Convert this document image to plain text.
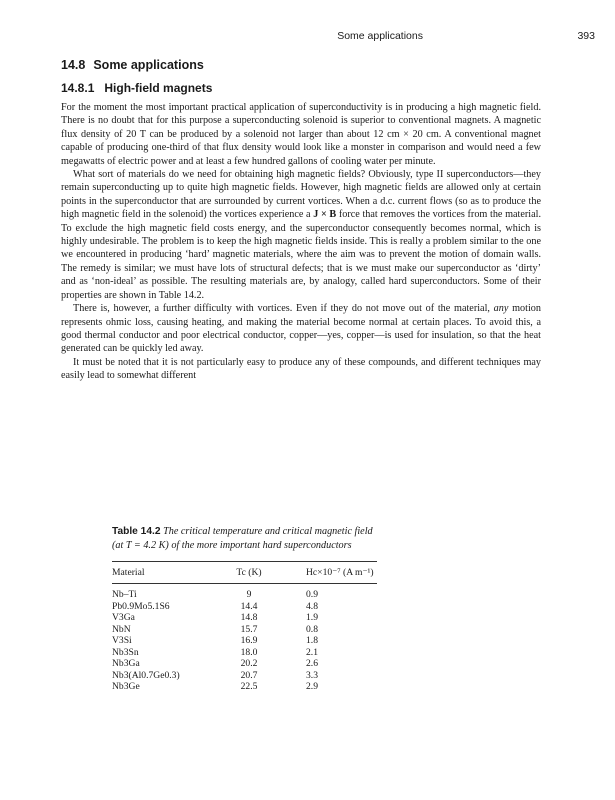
Some applications	393
14.8 Some applications
14.8.1 High-field magnets

For the moment the most important practical application of superconductivity is in producing a high magnetic field. There is no doubt that for this purpose a superconducting solenoid is superior to conventional magnets. A magnetic flux density of 20 T can be produced by a solenoid not larger than about 12 cm × 20 cm. A conventional magnet capable of producing one-third of that flux density would look like a monster in comparison and would need a few megawatts of electric power and at least a few hundred gallons of cooling water per minute.

What sort of materials do we need for obtaining high magnetic fields? Obviously, type II superconductors—they remain superconducting up to quite high magnetic fields. However, high magnetic fields are allowed only at certain points in the superconductor that are surrounded by current vortices. When a d.c. current flows (so as to produce the high magnetic field in the solenoid) the vortices experience a J × B force that removes the vortices from the material. To exclude the high magnetic field costs energy, and the superconductor consequently becomes normal, which is highly undesirable. The problem is to keep the high magnetic fields inside. This is really a problem similar to the one we encountered in producing ‘hard’ magnetic materials, where the aim was to prevent the motion of domain walls. The remedy is similar; we must have lots of structural defects; that is we must make our superconductor as ‘dirty’ and as ‘non-ideal’ as possible. The resulting materials are, by analogy, called hard superconductors. Some of their properties are shown in Table 14.2.

There is, however, a further difficulty with vortices. Even if they do not move out of the material, any motion represents ohmic loss, causing heating, and making the material become normal at certain places. To avoid this, a good thermal conductor and poor electrical conductor, copper—yes, copper—is used for insulation, so that the heat generated can be quickly led away.

It must be noted that it is not particularly easy to produce any of these compounds, and different techniques may easily lead to somewhat different

Table 14.2 The critical temperature and critical magnetic field (at T = 4.2 K) of the more important hard superconductors

Material	Tc (K)	Hc×10⁻⁷ (A m⁻¹)
Nb–Ti	9	0.9
Pb0.9Mo5.1S6	14.4	4.8
V3Ga	14.8	1.9
NbN	15.7	0.8
V3Si	16.9	1.8
Nb3Sn	18.0	2.1
Nb3Ga	20.2	2.6
Nb3(Al0.7Ge0.3)	20.7	3.3
Nb3Ge	22.5	2.9
